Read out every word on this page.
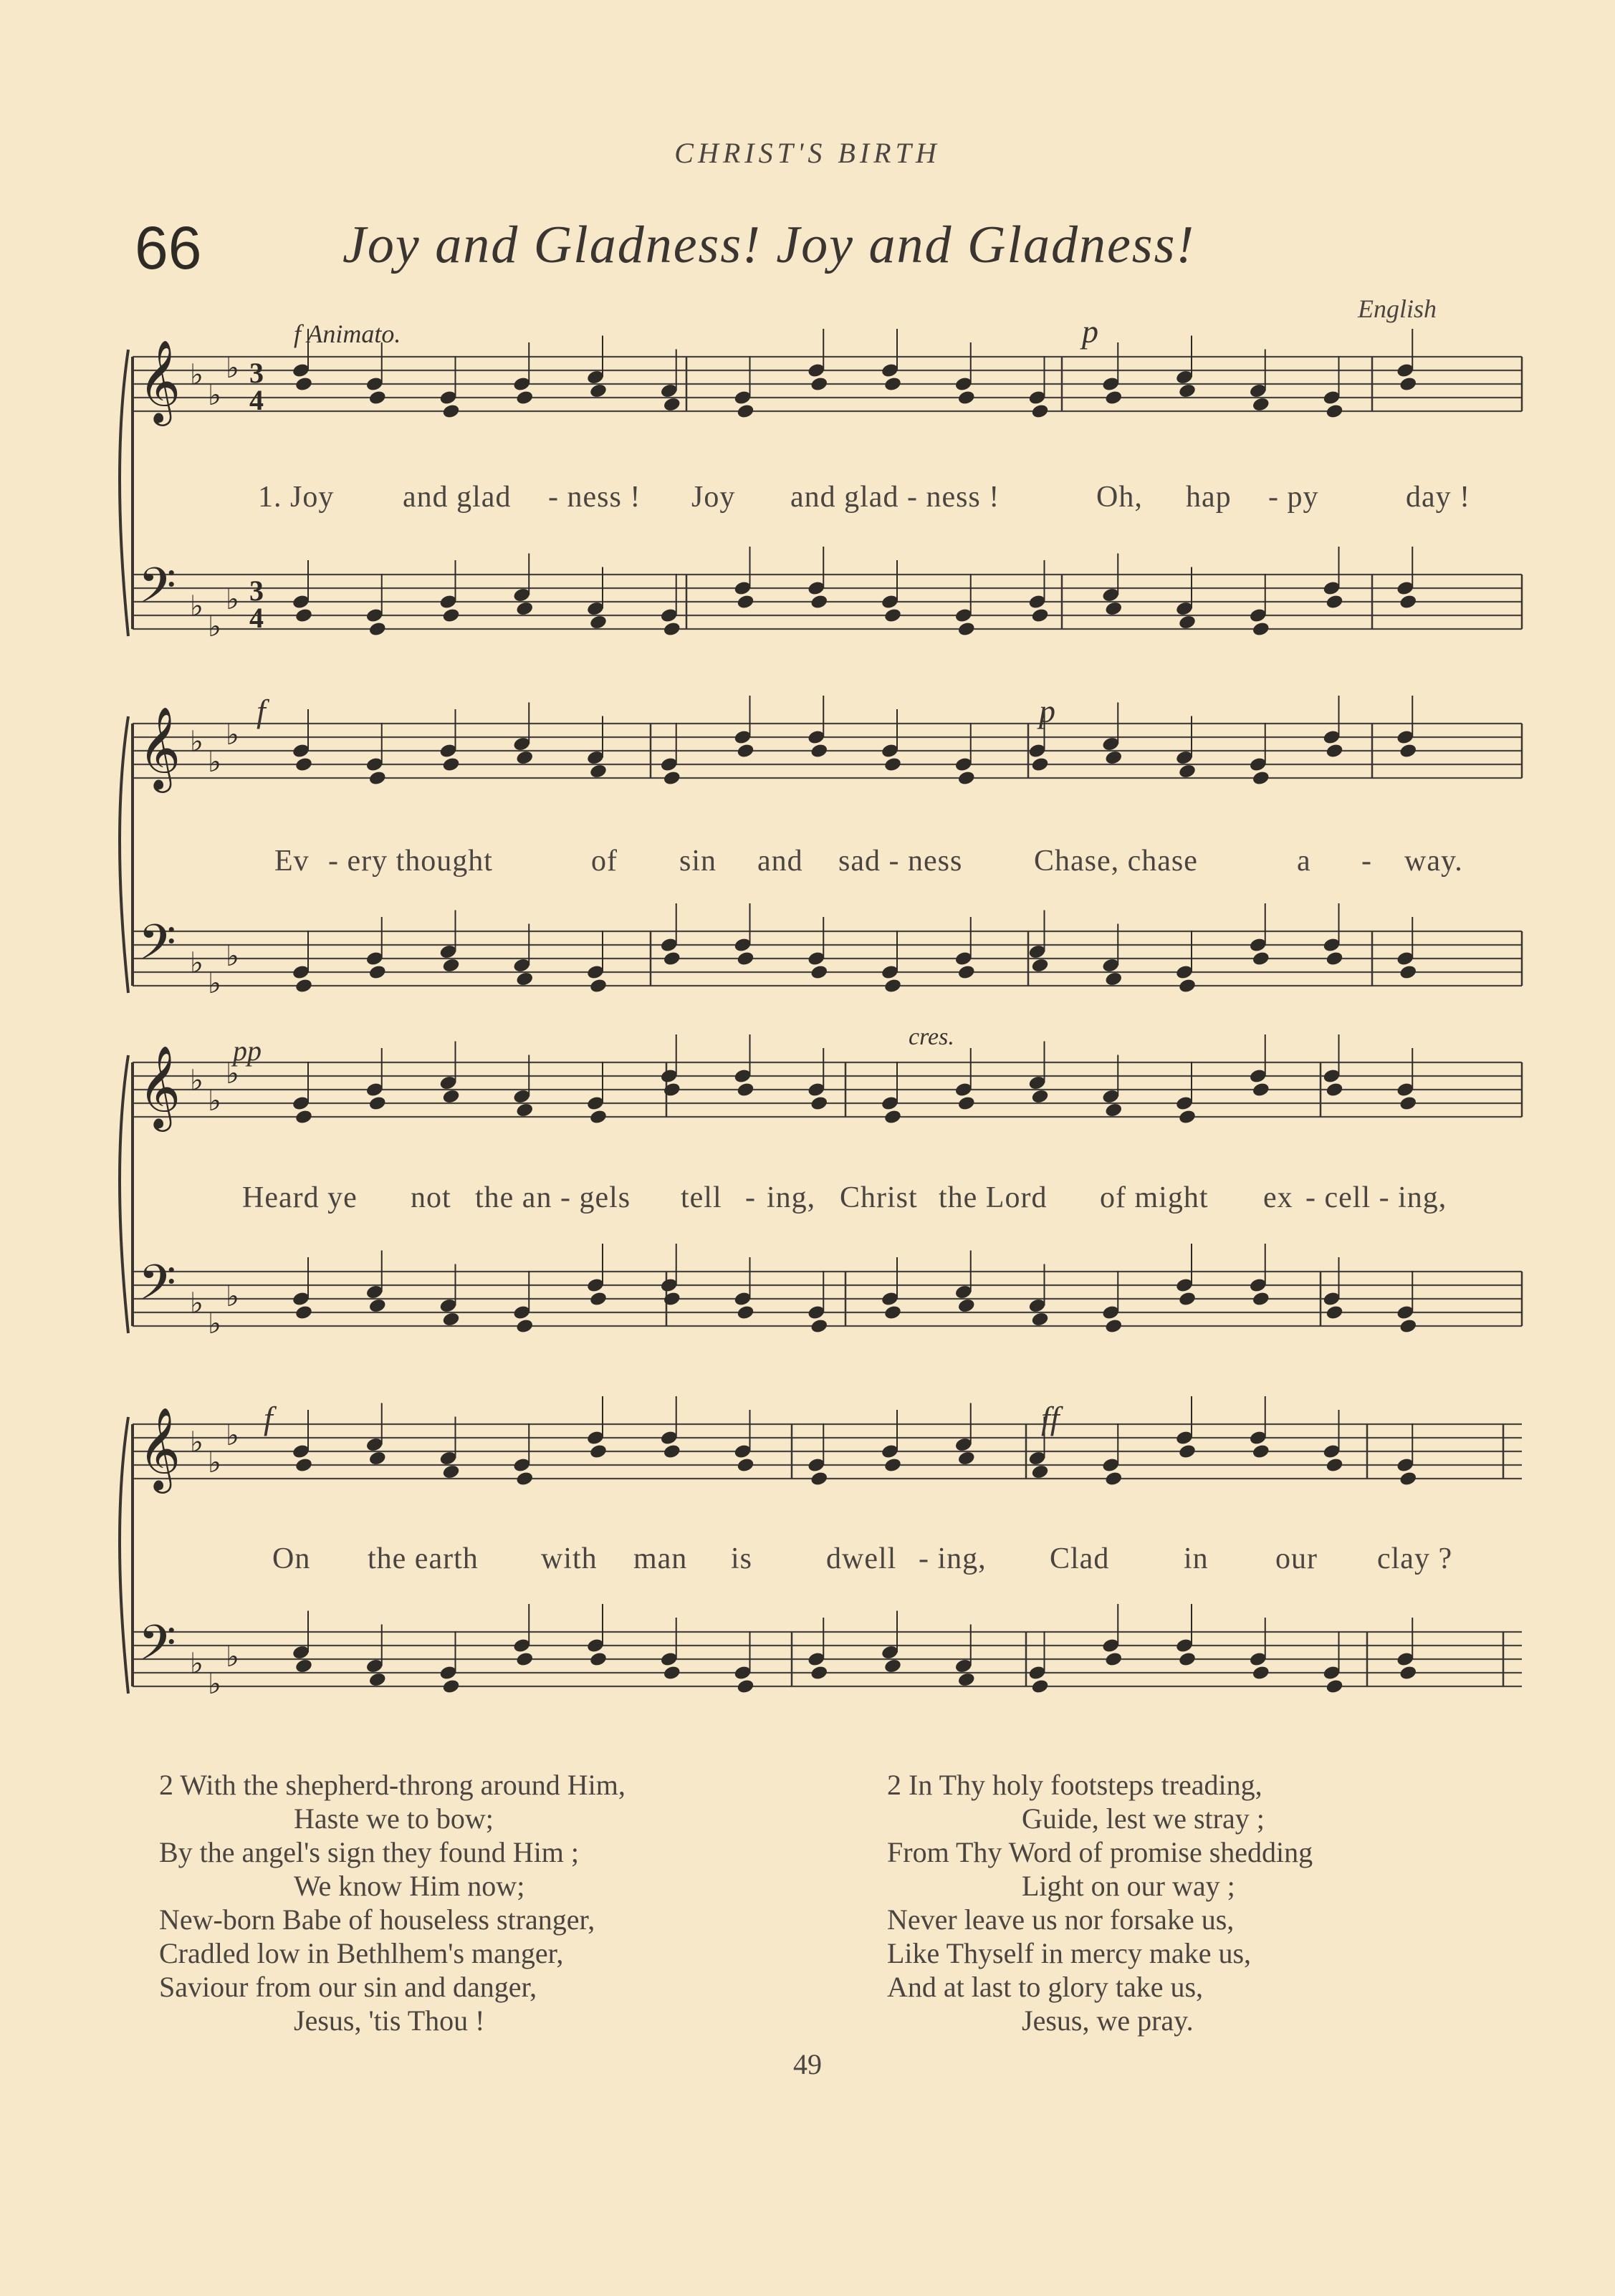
CHRIST'S BIRTH
66	Joy and Gladness! Joy and Gladness!
English
𝄞 ♭
♭
♭ 3
4
𝄢 ♭
♭
♭ 3
4
𝄞 ♭
♭
♭
𝄢 ♭
♭
♭
𝄞 ♭
♭
♭
𝄢 ♭
♭
♭
𝄞 ♭
♭
♭
𝄢 ♭
♭
♭
f Animato.	p
f	p
pp	cres.
f	ff
1. Joy and glad - ness ! Joy and glad - ness !	Oh, hap - py	day !
Ev - ery thought	of sin and sad - ness Chase, chase	a - way.
Heard ye not the an - gels tell - ing, Christ the Lord of might ex - cell - ing,
On the earth with man is dwell - ing, Clad in our clay ?
2 With the shepherd-throng around Him,
Haste we to bow;
By the angel's sign they found Him ;
We know Him now;
New-born Babe of houseless stranger,
Cradled low in Bethlhem's manger,
Saviour from our sin and danger,
Jesus, 'tis Thou !
2 In Thy holy footsteps treading,
Guide, lest we stray ;
From Thy Word of promise shedding
Light on our way ;
Never leave us nor forsake us,
Like Thyself in mercy make us,
And at last to glory take us,
Jesus, we pray.
49
